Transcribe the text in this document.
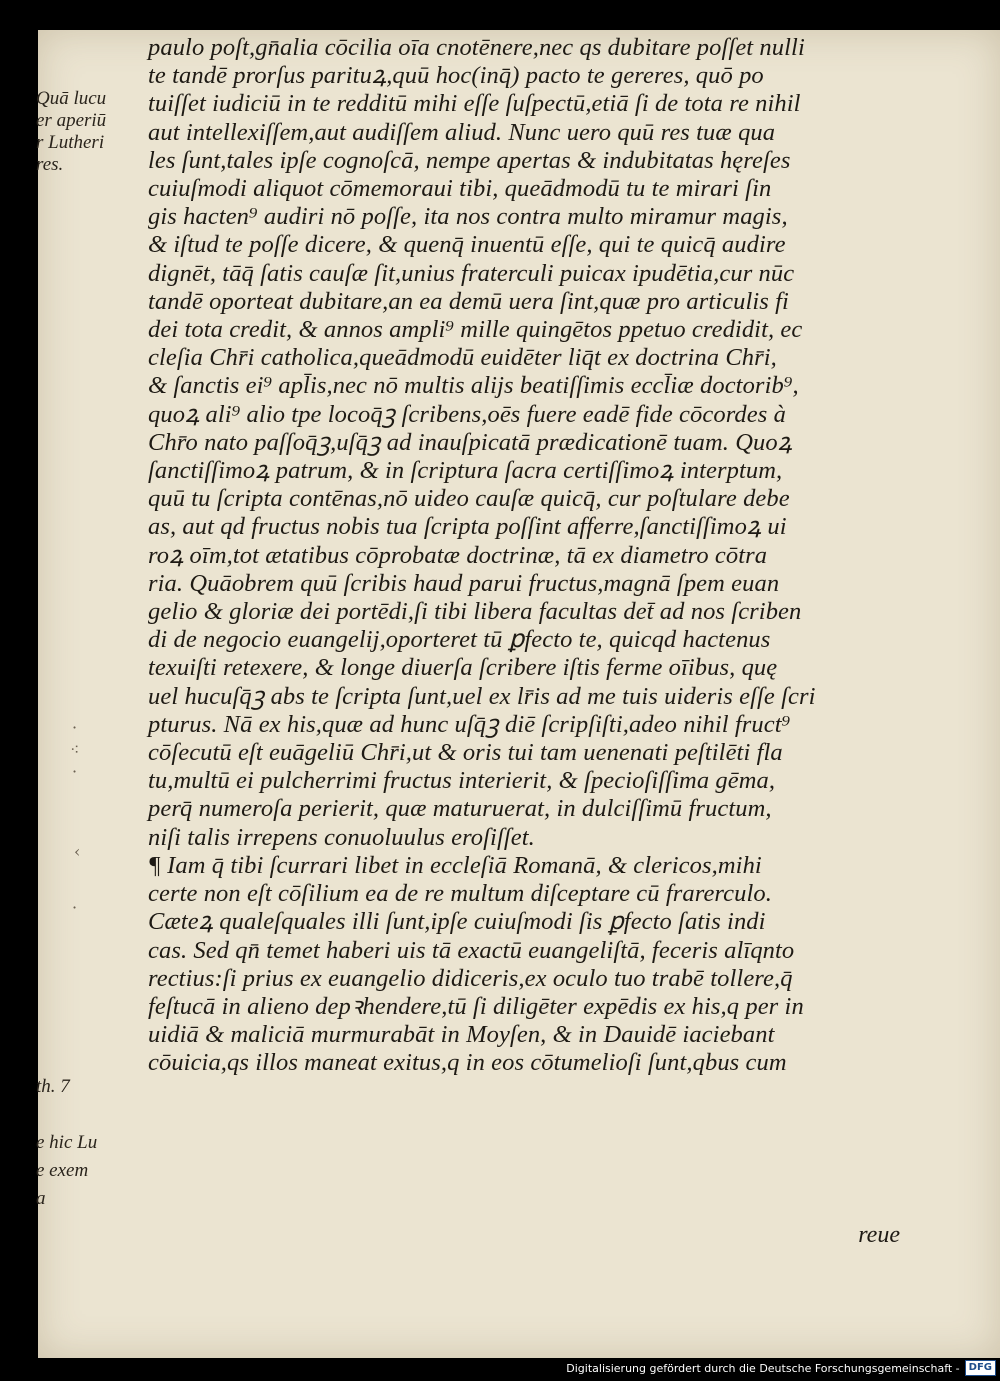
Quā lucu
er aperiū
r Lutheri
res.
th. 7
e hic Lu
e exem
a
·
⁖
·
‹
·
paulo poſt,gn̄alia cōcilia oīa cnotēnere,nec qs dubitare poſſet nulli
te tandē prorſus parituꝝ,quū hoc(inq̄) pacto te gereres, quō po
tuiſſet iudiciū in te redditū mihi eſſe ſuſpectū,etiā ſi de tota re nihil
aut intellexiſſem,aut audiſſem aliud. Nunc uero quū res tuæ qua
les ſunt,tales ipſe cognoſcā, nempe apertas & indubitatas hęreſes
cuiuſmodi aliquot cōmemoraui tibi, queādmodū tu te mirari ſin
gis hacten⁹ audiri nō poſſe, ita nos contra multo miramur magis,
& iſtud te poſſe dicere, & quenq̄ inuentū eſſe, qui te quicq̄ audire
dignēt, tāq̄ ſatis cauſæ ſit,unius fraterculi puicax ipudētia,cur nūc
tandē oporteat dubitare,an ea demū uera ſint,quæ pro articulis fi
dei tota credit, & annos ampli⁹ mille quingētos ppetuo credidit, ec
cleſia Chr̄i catholica,queādmodū euidēter liq̄t ex doctrina Chr̄i,
& ſanctis ei⁹ apl̄is,nec nō multis alijs beatiſſimis eccl̄iæ doctorib⁹,
quoꝝ ali⁹ alio tpe locoq̄ꝫ ſcribens,oēs fuere eadē fide cōcordes à
Chr̄o nato paſſoq̄ꝫ,uſq̄ꝫ ad inauſpicatā prædicationē tuam. Quoꝝ
ſanctiſſimoꝝ patrum, & in ſcriptura ſacra certiſſimoꝝ interptum,
quū tu ſcripta contēnas,nō uideo cauſæ quicq̄, cur poſtulare debe
as, aut qd fructus nobis tua ſcripta poſſint afferre,ſanctiſſimoꝝ ui
roꝝ oīm,tot ætatibus cōprobatæ doctrinæ, tā ex diametro cōtra
ria. Quāobrem quū ſcribis haud parui fructus,magnā ſpem euan
gelio & gloriæ dei portēdi,ſi tibi libera facultas det̄ ad nos ſcriben
di de negocio euangelij,oporteret tū ꝑfecto te, quicqd hactenus
texuiſti retexere, & longe diuerſa ſcribere iſtis ferme oīibus, quę
uel hucuſq̄ꝫ abs te ſcripta ſunt,uel ex lr̄is ad me tuis uideris eſſe ſcri
pturus. Nā ex his,quæ ad hunc uſq̄ꝫ diē ſcripſiſti,adeo nihil fruct⁹
cōſecutū eſt euāgeliū Chr̄i,ut & oris tui tam uenenati peſtilēti fla
tu,multū ei pulcherrimi fructus interierit, & ſpecioſiſſima gēma,
perq̄ numeroſa perierit, quæ maturuerat, in dulciſſimū fructum,
niſi talis irrepens conuoluulus eroſiſſet.
¶ Iam q̄ tibi ſcurrari libet in eccleſiā Romanā, & clericos,mihi
certe non eſt cōſilium ea de re multum diſceptare cū frarerculo.
Cæteꝝ qualeſquales illi ſunt,ipſe cuiuſmodi ſis ꝑfecto ſatis indi
cas. Sed qn̄ temet haberi uis tā exactū euangeliſtā, feceris alīqnto
rectius:ſi prius ex euangelio didiceris,ex oculo tuo trabē tollere,q̄
feſtucā in alieno depꝛhendere,tū ſi diligēter expēdis ex his,q per in
uidiā & maliciā murmurabāt in Moyſen, & in Dauidē iaciebant
cōuicia,qs illos maneat exitus,q in eos cōtumelioſi ſunt,qbus cum
reue
Digitalisierung gefördert durch die Deutsche Forschungsgemeinschaft - DFG
